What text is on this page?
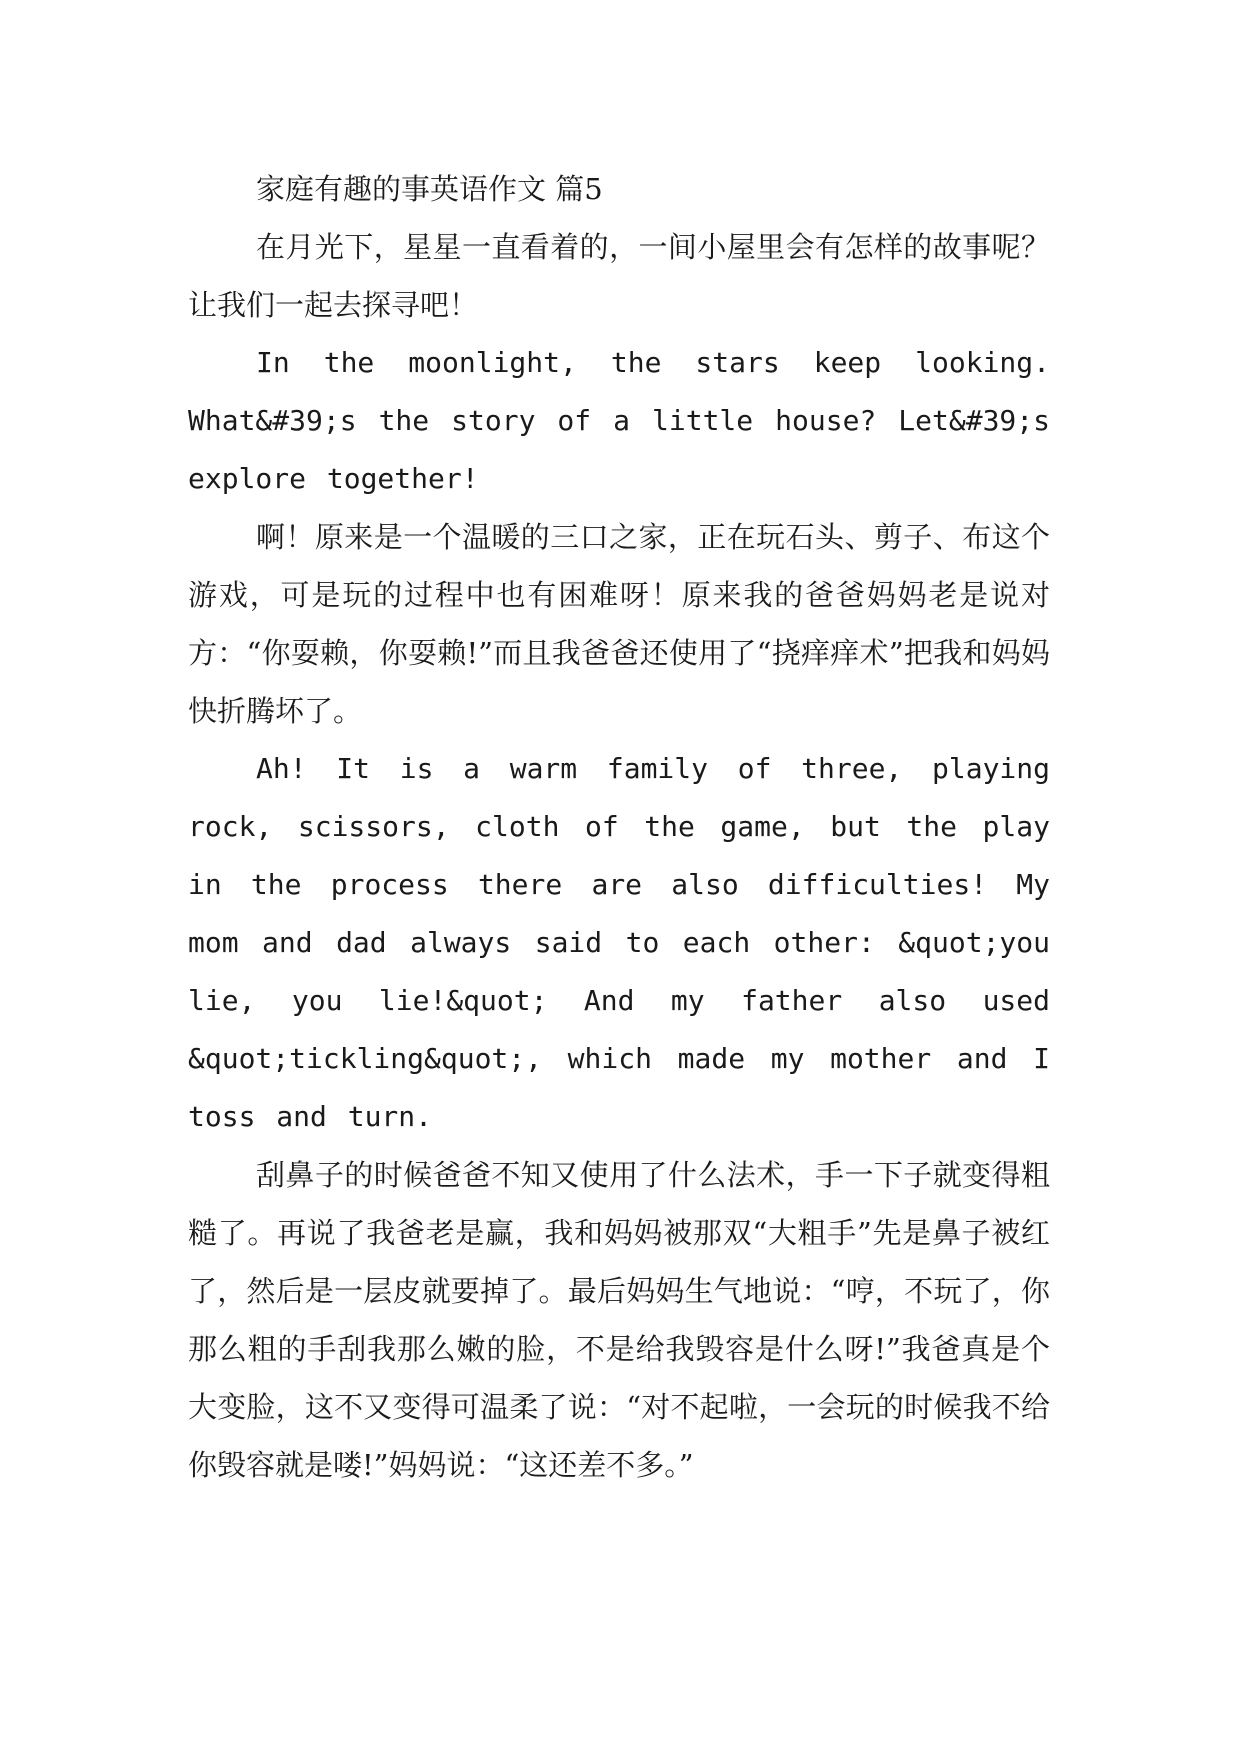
家庭有趣的事英语作文 篇5

在月光下，星星一直看着的，一间小屋里会有怎样的故事呢？让我们一起去探寻吧！

In the moonlight, the stars keep looking. What&#39;s the story of a little house? Let&#39;s explore together!

啊！原来是一个温暖的三口之家，正在玩石头、剪子、布这个游戏，可是玩的过程中也有困难呀！原来我的爸爸妈妈老是说对方：“你耍赖，你耍赖!”而且我爸爸还使用了“挠痒痒术”把我和妈妈快折腾坏了。

Ah! It is a warm family of three, playing rock, scissors, cloth of the game, but the play in the process there are also difficulties! My mom and dad always said to each other: &quot;you lie, you lie!&quot; And my father also used &quot;tickling&quot;, which made my mother and I toss and turn.

刮鼻子的时候爸爸不知又使用了什么法术，手一下子就变得粗糙了。再说了我爸老是赢，我和妈妈被那双“大粗手”先是鼻子被红了，然后是一层皮就要掉了。最后妈妈生气地说：“哼，不玩了，你那么粗的手刮我那么嫩的脸，不是给我毁容是什么呀!”我爸真是个大变脸，这不又变得可温柔了说：“对不起啦，一会玩的时候我不给你毁容就是喽!”妈妈说：“这还差不多。”
